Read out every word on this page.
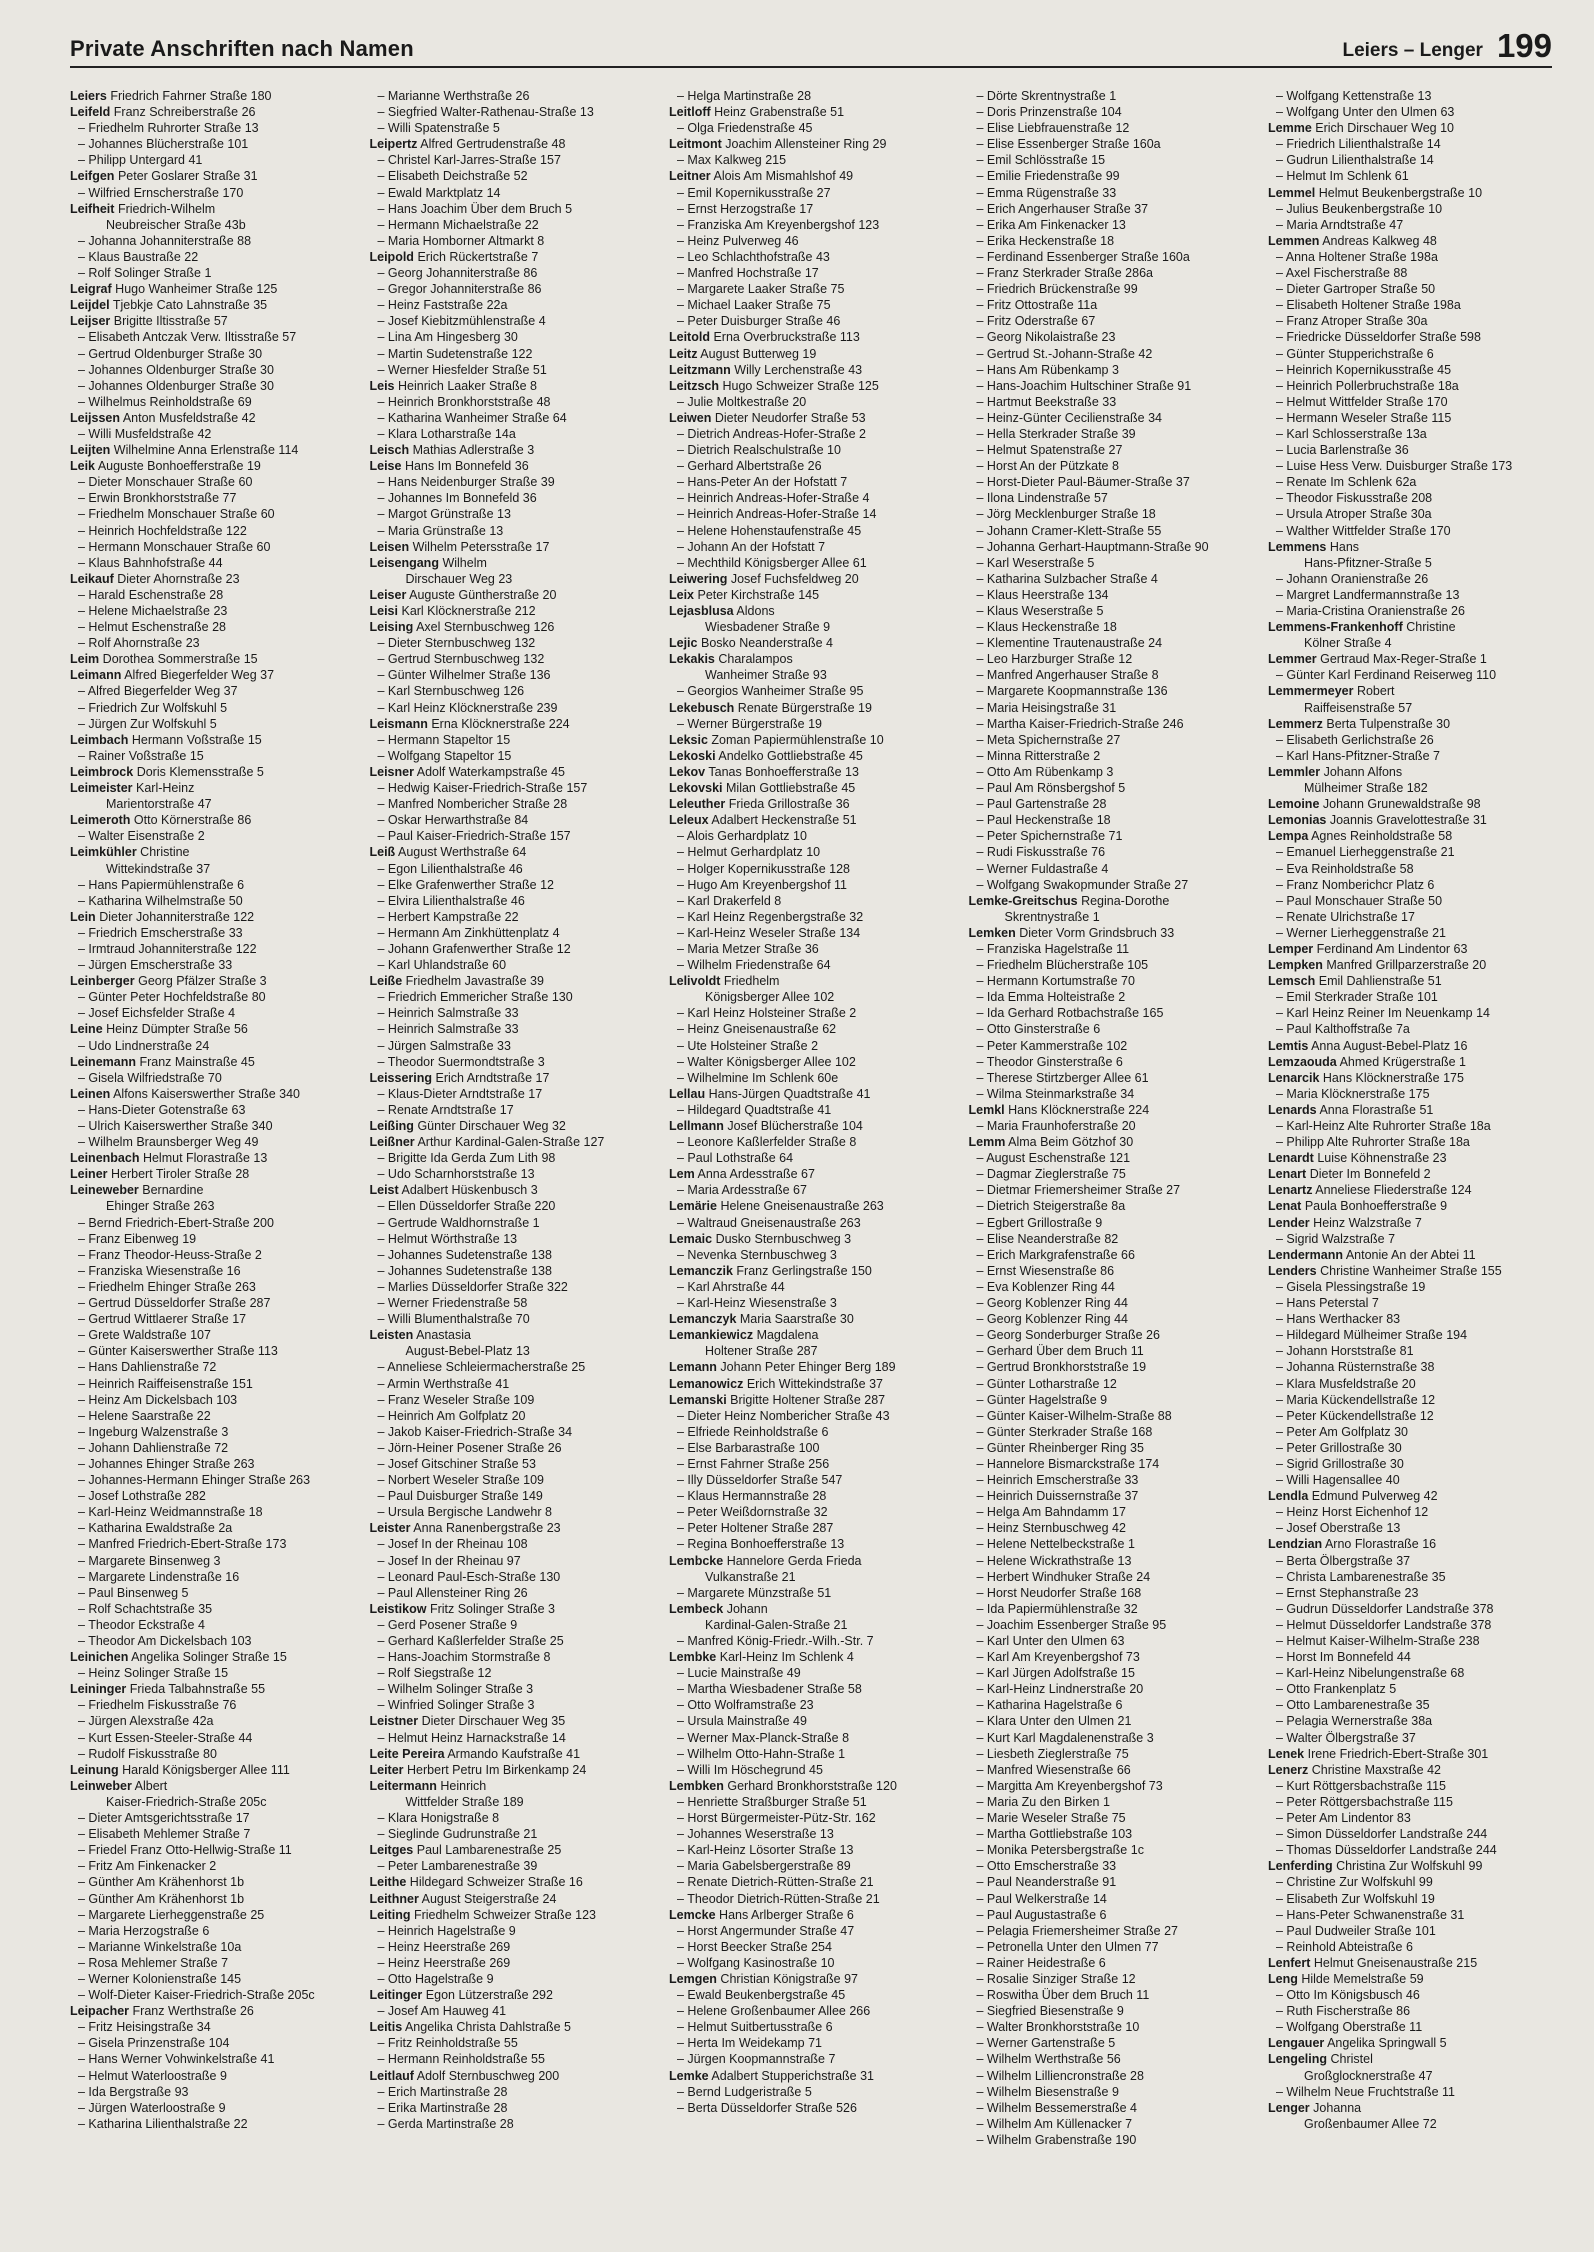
Private Anschriften nach Namen	Leiers – Lenger 199
Leiers Friedrich Fahrner Straße 180
Leifeld Franz Schreiberstraße 26
– Friedhelm Ruhrorter Straße 13
– Johannes Blücherstraße 101
– Philipp Untergard 41
Leifgen Peter Goslarer Straße 31
– Wilfried Ernscherstraße 170
Leifheit Friedrich-Wilhelm
Neubreischer Straße 43b
– Johanna Johanniterstraße 88
– Klaus Baustraße 22
– Rolf Solinger Straße 1
Leigraf Hugo Wanheimer Straße 125
Leijdel Tjebkje Cato Lahnstraße 35
Leijser Brigitte Iltisstraße 57
– Elisabeth Antczak Verw. Iltisstraße 57
– Gertrud Oldenburger Straße 30
– Johannes Oldenburger Straße 30
– Johannes Oldenburger Straße 30
– Wilhelmus Reinholdstraße 69
Leijssen Anton Musfeldstraße 42
– Willi Musfeldstraße 42
Leijten Wilhelmine Anna Erlenstraße 114
Leik Auguste Bonhoefferstraße 19
– Dieter Monschauer Straße 60
– Erwin Bronkhorststraße 77
– Friedhelm Monschauer Straße 60
– Heinrich Hochfeldstraße 122
– Hermann Monschauer Straße 60
– Klaus Bahnhofstraße 44
Leikauf Dieter Ahornstraße 23
– Harald Eschenstraße 28
– Helene Michaelstraße 23
– Helmut Eschenstraße 28
– Rolf Ahornstraße 23
Leim Dorothea Sommerstraße 15
Leimann Alfred Biegerfelder Weg 37
– Alfred Biegerfelder Weg 37
– Friedrich Zur Wolfskuhl 5
– Jürgen Zur Wolfskuhl 5
Leimbach Hermann Voßstraße 15
– Rainer Voßstraße 15
Leimbrock Doris Klemensstraße 5
Leimeister Karl-Heinz
Marientorstraße 47
Leimeroth Otto Körnerstraße 86
– Walter Eisenstraße 2
Leimkühler Christine
Wittekindstraße 37
– Hans Papiermühlenstraße 6
– Katharina Wilhelmstraße 50
Lein Dieter Johanniterstraße 122
– Friedrich Emscherstraße 33
– Irmtraud Johanniterstraße 122
– Jürgen Emscherstraße 33
Leinberger Georg Pfälzer Straße 3
– Günter Peter Hochfeldstraße 80
– Josef Eichsfelder Straße 4
Leine Heinz Dümpter Straße 56
– Udo Lindnerstraße 24
Leinemann Franz Mainstraße 45
– Gisela Wilfriedstraße 70
Leinen Alfons Kaiserswerther Straße 340
– Hans-Dieter Gotenstraße 63
– Ulrich Kaiserswerther Straße 340
– Wilhelm Braunsberger Weg 49
Leinenbach Helmut Florastraße 13
Leiner Herbert Tiroler Straße 28
Leineweber Bernardine
Ehinger Straße 263
– Bernd Friedrich-Ebert-Straße 200
– Franz Eibenweg 19
– Franz Theodor-Heuss-Straße 2
– Franziska Wiesenstraße 16
– Friedhelm Ehinger Straße 263
– Gertrud Düsseldorfer Straße 287
– Gertrud Wittlaerer Straße 17
– Grete Waldstraße 107
– Günter Kaiserswerther Straße 113
– Hans Dahlienstraße 72
– Heinrich Raiffeisenstraße 151
– Heinz Am Dickelsbach 103
– Helene Saarstraße 22
– Ingeburg Walzenstraße 3
– Johann Dahlienstraße 72
– Johannes Ehinger Straße 263
– Johannes-Hermann Ehinger Straße 263
– Josef Lothstraße 282
– Karl-Heinz Weidmannstraße 18
– Katharina Ewaldstraße 2a
– Manfred Friedrich-Ebert-Straße 173
– Margarete Binsenweg 3
– Margarete Lindenstraße 16
– Paul Binsenweg 5
– Rolf Schachtstraße 35
– Theodor Eckstraße 4
– Theodor Am Dickelsbach 103
Leinichen Angelika Solinger Straße 15
– Heinz Solinger Straße 15
Leininger Frieda Talbahnstraße 55
– Friedhelm Fiskusstraße 76
– Jürgen Alexstraße 42a
– Kurt Essen-Steeler-Straße 44
– Rudolf Fiskusstraße 80
Leinung Harald Königsberger Allee 111
Leinweber Albert
Kaiser-Friedrich-Straße 205c
– Dieter Amtsgerichtsstraße 17
– Elisabeth Mehlemer Straße 7
– Friedel Franz Otto-Hellwig-Straße 11
– Fritz Am Finkenacker 2
– Günther Am Krähenhorst 1b
– Günther Am Krähenhorst 1b
– Margarete Lierheggenstraße 25
– Maria Herzogstraße 6
– Marianne Winkelstraße 10a
– Rosa Mehlemer Straße 7
– Werner Kolonienstraße 145
– Wolf-Dieter Kaiser-Friedrich-Straße 205c
Leipacher Franz Werthstraße 26
– Fritz Heisingstraße 34
– Gisela Prinzenstraße 104
– Hans Werner Vohwinkelstraße 41
– Helmut Waterloostraße 9
– Ida Bergstraße 93
– Jürgen Waterloostraße 9
– Katharina Lilienthalstraße 22
– Marianne Werthstraße 26
– Siegfried Walter-Rathenau-Straße 13
– Willi Spatenstraße 5
Leipertz Alfred Gertrudenstraße 48
– Christel Karl-Jarres-Straße 157
– Elisabeth Deichstraße 52
– Ewald Marktplatz 14
– Hans Joachim Über dem Bruch 5
– Hermann Michaelstraße 22
– Maria Homborner Altmarkt 8
Leipold Erich Rückertstraße 7
– Georg Johanniterstraße 86
– Gregor Johanniterstraße 86
– Heinz Faststraße 22a
– Josef Kiebitzmühlenstraße 4
– Lina Am Hingesberg 30
– Martin Sudetenstraße 122
– Werner Hiesfelder Straße 51
Leis Heinrich Laaker Straße 8
– Heinrich Bronkhorststraße 48
– Katharina Wanheimer Straße 64
– Klara Lotharstraße 14a
Leisch Mathias Adlerstraße 3
Leise Hans Im Bonnefeld 36
– Hans Neidenburger Straße 39
– Johannes Im Bonnefeld 36
– Margot Grünstraße 13
– Maria Grünstraße 13
Leisen Wilhelm Petersstraße 17
Leisengang Wilhelm
Dirschauer Weg 23
Leiser Auguste Güntherstraße 20
Leisi Karl Klöcknerstraße 212
Leising Axel Sternbuschweg 126
– Dieter Sternbuschweg 132
– Gertrud Sternbuschweg 132
– Günter Wilhelmer Straße 136
– Karl Sternbuschweg 126
– Karl Heinz Klöcknerstraße 239
Leismann Erna Klöcknerstraße 224
– Hermann Stapeltor 15
– Wolfgang Stapeltor 15
Leisner Adolf Waterkampstraße 45
– Hedwig Kaiser-Friedrich-Straße 157
– Manfred Nombericher Straße 28
– Oskar Herwarthstraße 84
– Paul Kaiser-Friedrich-Straße 157
Leiß August Werthstraße 64
– Egon Lilienthalstraße 46
– Elke Grafenwerther Straße 12
– Elvira Lilienthalstraße 46
– Herbert Kampstraße 22
– Hermann Am Zinkhüttenplatz 4
– Johann Grafenwerther Straße 12
– Karl Uhlandstraße 60
Leiße Friedhelm Javastraße 39
– Friedrich Emmericher Straße 130
– Heinrich Salmstraße 33
– Heinrich Salmstraße 33
– Jürgen Salmstraße 33
– Theodor Suermondtstraße 3
Leissering Erich Arndtstraße 17
– Klaus-Dieter Arndtstraße 17
– Renate Arndtstraße 17
Leißing Günter Dirschauer Weg 32
Leißner Arthur Kardinal-Galen-Straße 127
– Brigitte Ida Gerda Zum Lith 98
– Udo Scharnhorststraße 13
Leist Adalbert Hüskenbusch 3
– Ellen Düsseldorfer Straße 220
– Gertrude Waldhornstraße 1
– Helmut Wörthstraße 13
– Johannes Sudetenstraße 138
– Johannes Sudetenstraße 138
– Marlies Düsseldorfer Straße 322
– Werner Friedenstraße 58
– Willi Blumenthalstraße 70
Leisten Anastasia
August-Bebel-Platz 13
– Anneliese Schleiermacherstraße 25
– Armin Werthstraße 41
– Franz Weseler Straße 109
– Heinrich Am Golfplatz 20
– Jakob Kaiser-Friedrich-Straße 34
– Jörn-Heiner Posener Straße 26
– Josef Gitschiner Straße 53
– Norbert Weseler Straße 109
– Paul Duisburger Straße 149
– Ursula Bergische Landwehr 8
Leister Anna Ranenbergstraße 23
– Josef In der Rheinau 108
– Josef In der Rheinau 97
– Leonard Paul-Esch-Straße 130
– Paul Allensteiner Ring 26
Leistikow Fritz Solinger Straße 3
– Gerd Posener Straße 9
– Gerhard Kaßlerfelder Straße 25
– Hans-Joachim Stormstraße 8
– Rolf Siegstraße 12
– Wilhelm Solinger Straße 3
– Winfried Solinger Straße 3
Leistner Dieter Dirschauer Weg 35
– Helmut Heinz Harnackstraße 14
Leite Pereira Armando Kaufstraße 41
Leiter Herbert Petru Im Birkenkamp 24
Leitermann Heinrich
Wittfelder Straße 189
– Klara Honigstraße 8
– Sieglinde Gudrunstraße 21
Leitges Paul Lambarenestraße 25
– Peter Lambarenestraße 39
Leithe Hildegard Schweizer Straße 16
Leithner August Steigerstraße 24
Leiting Friedhelm Schweizer Straße 123
– Heinrich Hagelstraße 9
– Heinz Heerstraße 269
– Heinz Heerstraße 269
– Otto Hagelstraße 9
Leitinger Egon Lützerstraße 292
– Josef Am Hauweg 41
Leitis Angelika Christa Dahlstraße 5
– Fritz Reinholdstraße 55
– Hermann Reinholdstraße 55
Leitlauf Adolf Sternbuschweg 200
– Erich Martinstraße 28
– Erika Martinstraße 28
– Gerda Martinstraße 28
– Helga Martinstraße 28
Leitloff Heinz Grabenstraße 51
– Olga Friedenstraße 45
Leitmont Joachim Allensteiner Ring 29
– Max Kalkweg 215
Leitner Alois Am Mismahlshof 49
– Emil Kopernikusstraße 27
– Ernst Herzogstraße 17
– Franziska Am Kreyenbergshof 123
– Heinz Pulverweg 46
– Leo Schlachthofstraße 43
– Manfred Hochstraße 17
– Margarete Laaker Straße 75
– Michael Laaker Straße 75
– Peter Duisburger Straße 46
Leitold Erna Overbruckstraße 113
Leitz August Butterweg 19
Leitzmann Willy Lerchenstraße 43
Leitzsch Hugo Schweizer Straße 125
– Julie Moltkestraße 20
Leiwen Dieter Neudorfer Straße 53
– Dietrich Andreas-Hofer-Straße 2
– Dietrich Realschulstraße 10
– Gerhard Albertstraße 26
– Hans-Peter An der Hofstatt 7
– Heinrich Andreas-Hofer-Straße 4
– Heinrich Andreas-Hofer-Straße 14
– Helene Hohenstaufenstraße 45
– Johann An der Hofstatt 7
– Mechthild Königsberger Allee 61
Leiwering Josef Fuchsfeldweg 20
Leix Peter Kirchstraße 145
Lejasblusa Aldons
Wiesbadener Straße 9
Lejic Bosko Neanderstraße 4
Lekakis Charalampos
Wanheimer Straße 93
– Georgios Wanheimer Straße 95
Lekebusch Renate Bürgerstraße 19
– Werner Bürgerstraße 19
Leksic Zoman Papiermühlenstraße 10
Lekoski Andelko Gottliebstraße 45
Lekov Tanas Bonhoefferstraße 13
Lekovski Milan Gottliebstraße 45
Leleuther Frieda Grillostraße 36
Leleux Adalbert Heckenstraße 51
– Alois Gerhardplatz 10
– Helmut Gerhardplatz 10
– Holger Kopernikusstraße 128
– Hugo Am Kreyenbergshof 11
– Karl Drakerfeld 8
– Karl Heinz Regenbergstraße 32
– Karl-Heinz Weseler Straße 134
– Maria Metzer Straße 36
– Wilhelm Friedenstraße 64
Lelivoldt Friedhelm
Königsberger Allee 102
– Karl Heinz Holsteiner Straße 2
– Heinz Gneisenaustraße 62
– Ute Holsteiner Straße 2
– Walter Königsberger Allee 102
– Wilhelmine Im Schlenk 60e
Lellau Hans-Jürgen Quadtstraße 41
– Hildegard Quadtstraße 41
Lellmann Josef Blücherstraße 104
– Leonore Kaßlerfelder Straße 8
– Paul Lothstraße 64
Lem Anna Ardesstraße 67
– Maria Ardesstraße 67
Lemärie Helene Gneisenaustraße 263
– Waltraud Gneisenaustraße 263
Lemaic Dusko Sternbuschweg 3
– Nevenka Sternbuschweg 3
Lemanczik Franz Gerlingstraße 150
– Karl Ahrstraße 44
– Karl-Heinz Wiesenstraße 3
Lemanczyk Maria Saarstraße 30
Lemankiewicz Magdalena
Holtener Straße 287
Lemann Johann Peter Ehinger Berg 189
Lemanowicz Erich Wittekindstraße 37
Lemanski Brigitte Holtener Straße 287
– Dieter Heinz Nombericher Straße 43
– Elfriede Reinholdstraße 6
– Else Barbarastraße 100
– Ernst Fahrner Straße 256
– Illy Düsseldorfer Straße 547
– Klaus Hermannstraße 28
– Peter Weißdornstraße 32
– Peter Holtener Straße 287
– Regina Bonhoefferstraße 13
Lembcke Hannelore Gerda Frieda
Vulkanstraße 21
– Margarete Münzstraße 51
Lembeck Johann
Kardinal-Galen-Straße 21
– Manfred König-Friedr.-Wilh.-Str. 7
Lembke Karl-Heinz Im Schlenk 4
– Lucie Mainstraße 49
– Martha Wiesbadener Straße 58
– Otto Wolframstraße 23
– Ursula Mainstraße 49
– Werner Max-Planck-Straße 8
– Wilhelm Otto-Hahn-Straße 1
– Willi Im Höschegrund 45
Lembken Gerhard Bronkhorststraße 120
– Henriette Straßburger Straße 51
– Horst Bürgermeister-Pütz-Str. 162
– Johannes Weserstraße 13
– Karl-Heinz Lösorter Straße 13
– Maria Gabelsbergerstraße 89
– Renate Dietrich-Rütten-Straße 21
– Theodor Dietrich-Rütten-Straße 21
Lemcke Hans Arlberger Straße 6
– Horst Angermunder Straße 47
– Horst Beecker Straße 254
– Wolfgang Kasinostraße 10
Lemgen Christian Königstraße 97
– Ewald Beukenbergstraße 45
– Helene Großenbaumer Allee 266
– Helmut Suitbertusstraße 6
– Herta Im Weidekamp 71
– Jürgen Koopmannstraße 7
Lemke Adalbert Stupperichstraße 31
– Bernd Ludgeristraße 5
– Berta Düsseldorfer Straße 526
– Dörte Skrentnystraße 1
– Doris Prinzenstraße 104
– Elise Liebfrauenstraße 12
– Elise Essenberger Straße 160a
– Emil Schlösstraße 15
– Emilie Friedenstraße 99
– Emma Rügenstraße 33
– Erich Angerhauser Straße 37
– Erika Am Finkenacker 13
– Erika Heckenstraße 18
– Ferdinand Essenberger Straße 160a
– Franz Sterkrader Straße 286a
– Friedrich Brückenstraße 99
– Fritz Ottostraße 11a
– Fritz Oderstraße 67
– Georg Nikolaistraße 23
– Gertrud St.-Johann-Straße 42
– Hans Am Rübenkamp 3
– Hans-Joachim Hultschiner Straße 91
– Hartmut Beekstraße 33
– Heinz-Günter Cecilienstraße 34
– Hella Sterkrader Straße 39
– Helmut Spatenstraße 27
– Horst An der Pützkate 8
– Horst-Dieter Paul-Bäumer-Straße 37
– Ilona Lindenstraße 57
– Jörg Mecklenburger Straße 18
– Johann Cramer-Klett-Straße 55
– Johanna Gerhart-Hauptmann-Straße 90
– Karl Weserstraße 5
– Katharina Sulzbacher Straße 4
– Klaus Heerstraße 134
– Klaus Weserstraße 5
– Klaus Heckenstraße 18
– Klementine Trautenaustraße 24
– Leo Harzburger Straße 12
– Manfred Angerhauser Straße 8
– Margarete Koopmannstraße 136
– Maria Heisingstraße 31
– Martha Kaiser-Friedrich-Straße 246
– Meta Spichernstraße 27
– Minna Ritterstraße 2
– Otto Am Rübenkamp 3
– Paul Am Rönsbergshof 5
– Paul Gartenstraße 28
– Paul Heckenstraße 18
– Peter Spichernstraße 71
– Rudi Fiskusstraße 76
– Werner Fuldastraße 4
– Wolfgang Swakopmunder Straße 27
Lemke-Greitschus Regina-Dorothe
Skrentnystraße 1
Lemken Dieter Vorm Grindsbruch 33
– Franziska Hagelstraße 11
– Friedhelm Blücherstraße 105
– Hermann Kortumstraße 70
– Ida Emma Holteistraße 2
– Ida Gerhard Rotbachstraße 165
– Otto Ginsterstraße 6
– Peter Kammerstraße 102
– Theodor Ginsterstraße 6
– Therese Stirtzberger Allee 61
– Wilma Steinmarkstraße 34
Lemkl Hans Klöcknerstraße 224
– Maria Fraunhoferstraße 20
Lemm Alma Beim Götzhof 30
– August Eschenstraße 121
– Dagmar Zieglerstraße 75
– Dietmar Friemersheimer Straße 27
– Dietrich Steigerstraße 8a
– Egbert Grillostraße 9
– Elise Neanderstraße 82
– Erich Markgrafenstraße 66
– Ernst Wiesenstraße 86
– Eva Koblenzer Ring 44
– Georg Koblenzer Ring 44
– Georg Koblenzer Ring 44
– Georg Sonderburger Straße 26
– Gerhard Über dem Bruch 11
– Gertrud Bronkhorststraße 19
– Günter Lotharstraße 12
– Günter Hagelstraße 9
– Günter Kaiser-Wilhelm-Straße 88
– Günter Sterkrader Straße 168
– Günter Rheinberger Ring 35
– Hannelore Bismarckstraße 174
– Heinrich Emscherstraße 33
– Heinrich Duissernstraße 37
– Helga Am Bahndamm 17
– Heinz Sternbuschweg 42
– Helene Nettelbeckstraße 1
– Helene Wickrathstraße 13
– Herbert Windhuker Straße 24
– Horst Neudorfer Straße 168
– Ida Papiermühlenstraße 32
– Joachim Essenberger Straße 95
– Karl Unter den Ulmen 63
– Karl Am Kreyenbergshof 73
– Karl Jürgen Adolfstraße 15
– Karl-Heinz Lindnerstraße 20
– Katharina Hagelstraße 6
– Klara Unter den Ulmen 21
– Kurt Karl Magdalenenstraße 3
– Liesbeth Zieglerstraße 75
– Manfred Wiesenstraße 66
– Margitta Am Kreyenbergshof 73
– Maria Zu den Birken 1
– Marie Weseler Straße 75
– Martha Gottliebstraße 103
– Monika Petersbergstraße 1c
– Otto Emscherstraße 33
– Paul Neanderstraße 91
– Paul Welkerstraße 14
– Paul Augustastraße 6
– Pelagia Friemersheimer Straße 27
– Petronella Unter den Ulmen 77
– Rainer Heidestraße 6
– Rosalie Sinziger Straße 12
– Roswitha Über dem Bruch 11
– Siegfried Biesenstraße 9
– Walter Bronkhorststraße 10
– Werner Gartenstraße 5
– Wilhelm Werthstraße 56
– Wilhelm Lilliencronstraße 28
– Wilhelm Biesenstraße 9
– Wilhelm Bessemerstraße 4
– Wilhelm Am Küllenacker 7
– Wilhelm Grabenstraße 190
– Wolfgang Kettenstraße 13
– Wolfgang Unter den Ulmen 63
Lemme Erich Dirschauer Weg 10
– Friedrich Lilienthalstraße 14
– Gudrun Lilienthalstraße 14
– Helmut Im Schlenk 61
Lemmel Helmut Beukenbergstraße 10
– Julius Beukenbergstraße 10
– Maria Arndtstraße 47
Lemmen Andreas Kalkweg 48
– Anna Holtener Straße 198a
– Axel Fischerstraße 88
– Dieter Gartroper Straße 50
– Elisabeth Holtener Straße 198a
– Franz Atroper Straße 30a
– Friedricke Düsseldorfer Straße 598
– Günter Stupperichstraße 6
– Heinrich Kopernikusstraße 45
– Heinrich Pollerbruchstraße 18a
– Helmut Wittfelder Straße 170
– Hermann Weseler Straße 115
– Karl Schlosserstraße 13a
– Lucia Barlenstraße 36
– Luise Hess Verw. Duisburger Straße 173
– Renate Im Schlenk 62a
– Theodor Fiskusstraße 208
– Ursula Atroper Straße 30a
– Walther Wittfelder Straße 170
Lemmens Hans
Hans-Pfitzner-Straße 5
– Johann Oranienstraße 26
– Margret Landfermannstraße 13
– Maria-Cristina Oranienstraße 26
Lemmens-Frankenhoff Christine
Kölner Straße 4
Lemmer Gertraud Max-Reger-Straße 1
– Günter Karl Ferdinand Reiserweg 110
Lemmermeyer Robert
Raiffeisenstraße 57
Lemmerz Berta Tulpenstraße 30
– Elisabeth Gerlichstraße 26
– Karl Hans-Pfitzner-Straße 7
Lemmler Johann Alfons
Mülheimer Straße 182
Lemoine Johann Grunewaldstraße 98
Lemonias Joannis Gravelottestraße 31
Lempa Agnes Reinholdstraße 58
– Emanuel Lierheggenstraße 21
– Eva Reinholdstraße 58
– Franz Nomberichcr Platz 6
– Paul Monschauer Straße 50
– Renate Ulrichstraße 17
– Werner Lierheggenstraße 21
Lemper Ferdinand Am Lindentor 63
Lempken Manfred Grillparzerstraße 20
Lemsch Emil Dahlienstraße 51
– Emil Sterkrader Straße 101
– Karl Heinz Reiner Im Neuenkamp 14
– Paul Kalthoffstraße 7a
Lemtis Anna August-Bebel-Platz 16
Lemzaouda Ahmed Krügerstraße 1
Lenarcik Hans Klöcknerstraße 175
– Maria Klöcknerstraße 175
Lenards Anna Florastraße 51
– Karl-Heinz Alte Ruhrorter Straße 18a
– Philipp Alte Ruhrorter Straße 18a
Lenardt Luise Köhnenstraße 23
Lenart Dieter Im Bonnefeld 2
Lenartz Anneliese Fliederstraße 124
Lenat Paula Bonhoefferstraße 9
Lender Heinz Walzstraße 7
– Sigrid Walzstraße 7
Lendermann Antonie An der Abtei 11
Lenders Christine Wanheimer Straße 155
– Gisela Plessingstraße 19
– Hans Peterstal 7
– Hans Werthacker 83
– Hildegard Mülheimer Straße 194
– Johann Horststraße 81
– Johanna Rüsternstraße 38
– Klara Musfeldstraße 20
– Maria Kückendellstraße 12
– Peter Kückendellstraße 12
– Peter Am Golfplatz 30
– Peter Grillostraße 30
– Sigrid Grillostraße 30
– Willi Hagensallee 40
Lendla Edmund Pulverweg 42
– Heinz Horst Eichenhof 12
– Josef Oberstraße 13
Lendzian Arno Florastraße 16
– Berta Ölbergstraße 37
– Christa Lambarenestraße 35
– Ernst Stephanstraße 23
– Gudrun Düsseldorfer Landstraße 378
– Helmut Düsseldorfer Landstraße 378
– Helmut Kaiser-Wilhelm-Straße 238
– Horst Im Bonnefeld 44
– Karl-Heinz Nibelungenstraße 68
– Otto Frankenplatz 5
– Otto Lambarenestraße 35
– Pelagia Wernerstraße 38a
– Walter Ölbergstraße 37
Lenek Irene Friedrich-Ebert-Straße 301
Lenerz Christine Maxstraße 42
– Kurt Röttgersbachstraße 115
– Peter Röttgersbachstraße 115
– Peter Am Lindentor 83
– Simon Düsseldorfer Landstraße 244
– Thomas Düsseldorfer Landstraße 244
Lenferding Christina Zur Wolfskuhl 99
– Christine Zur Wolfskuhl 99
– Elisabeth Zur Wolfskuhl 19
– Hans-Peter Schwanenstraße 31
– Paul Dudweiler Straße 101
– Reinhold Abteistraße 6
Lenfert Helmut Gneisenaustraße 215
Leng Hilde Memelstraße 59
– Otto Im Königsbusch 46
– Ruth Fischerstraße 86
– Wolfgang Oberstraße 11
Lengauer Angelika Springwall 5
Lengeling Christel
Großglocknerstraße 47
– Wilhelm Neue Fruchtstraße 11
Lenger Johanna
Großenbaumer Allee 72
